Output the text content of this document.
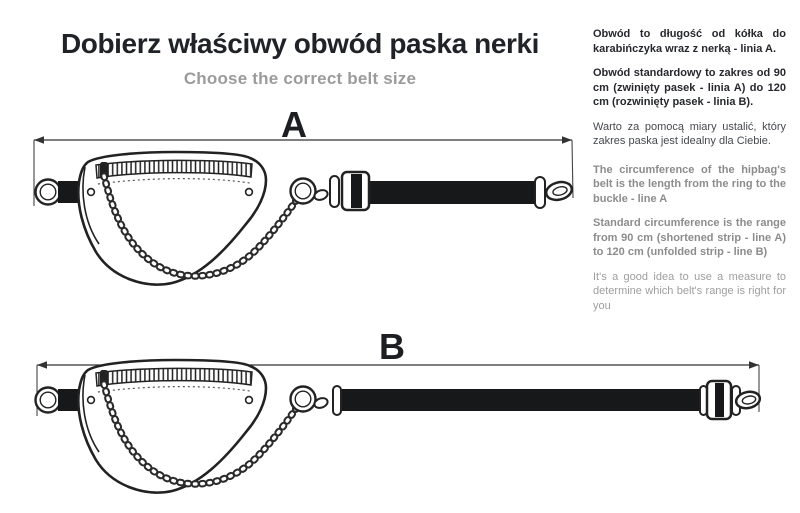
Dobierz właściwy obwód paska nerki

Choose the correct belt size

Obwód to długość od kółka do karabińczyka wraz z nerką - linia A.

Obwód standardowy to zakres od 90 cm (zwinięty pasek - linia A) do 120 cm (rozwinięty pasek - linia B).

Warto za pomocą miary ustalić, który zakres paska jest idealny dla Ciebie.

The circumference of the hipbag's belt is the length from the ring to the buckle - line A

Standard circumference is the range from 90 cm (shortened strip - line A) to 120 cm (unfolded strip - line B)

It's a good idea to use a measure to determine which belt's range is right for you

A
B
